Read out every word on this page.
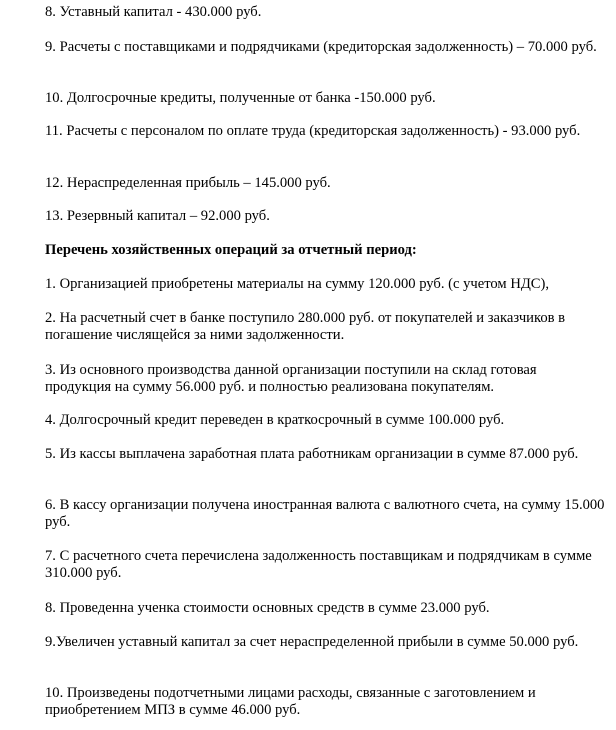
8. Уставный капитал - 430.000 руб.

9. Расчеты с поставщиками и подрядчиками (кредиторская задолженность) – 70.000 руб.

10. Долгосрочные кредиты, полученные от банка -150.000 руб.

11. Расчеты с персоналом по оплате труда (кредиторская задолженность) - 93.000 руб.

12. Нераспределенная прибыль – 145.000 руб.

13. Резервный капитал – 92.000 руб.

Перечень хозяйственных операций за отчетный период:

1. Организацией приобретены материалы на сумму 120.000 руб. (с учетом НДС),

2. На расчетный счет в банке поступило 280.000 руб. от покупателей и заказчиков в погашение числящейся за ними задолженности.

3. Из основного производства данной организации поступили на склад готовая продукция на сумму 56.000 руб. и полностью реализована покупателям.

4. Долгосрочный кредит переведен в краткосрочный в сумме 100.000 руб.

5. Из кассы выплачена заработная плата работникам организации в сумме 87.000 руб.

6. В кассу организации получена иностранная валюта с валютного счета, на сумму 15.000 руб.

7. С расчетного счета перечислена задолженность поставщикам и подрядчикам в сумме 310.000 руб.

8. Проведенна ученка стоимости основных средств в сумме 23.000 руб.

9.Увеличен уставный капитал за счет нераспределенной прибыли в сумме 50.000 руб.

10. Произведены подотчетными лицами расходы, связанные с заготовлением и приобретением МПЗ в сумме 46.000 руб.
